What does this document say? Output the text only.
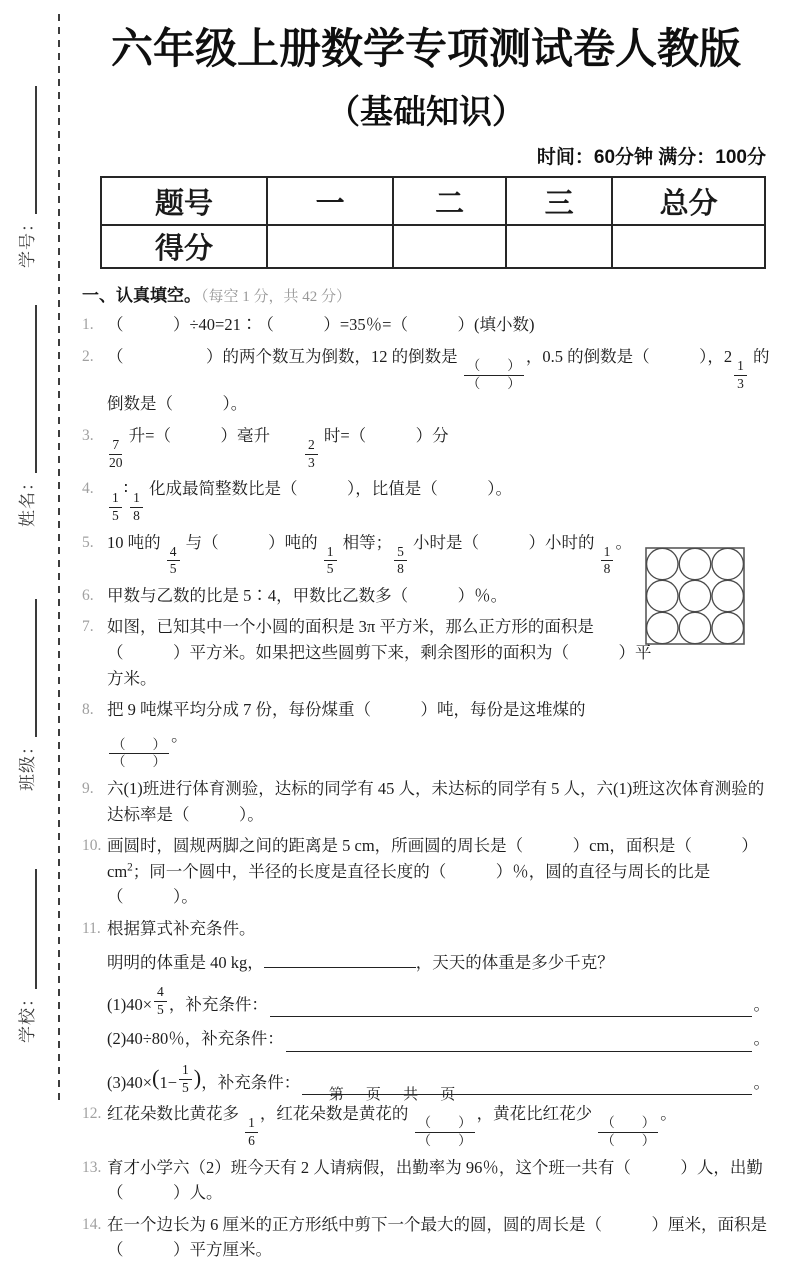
学号：
姓名：
班级：
学校：
六年级上册数学专项测试卷人教版
（基础知识）
时间：60分钟 满分：100分
题号	一	二	三	总分
得分				
一、认真填空。（每空 1 分，共 42 分）
1. （　　　）÷40=21∶（　　　）=35％=（　　　）(填小数)
2. （　　　　　）的两个数互为倒数，12 的倒数是
$\frac{( )}{( )}$
，0.5 的倒数是（　　　），2
$\frac{1}{3}$
的倒数是（　　　）。
3.
$\frac{7}{20}$
升=（　　　）毫升　　
$\frac{2}{3}$
时=（　　　）分
4.
$\frac{1}{5}$
∶
$\frac{1}{8}$
化成最简整数比是（　　　），比值是（　　　）。
5. 10 吨的
$\frac{4}{5}$
与（　　　）吨的
$\frac{1}{5}$
相等；
$\frac{5}{8}$
小时是（　　　）小时的
$\frac{1}{8}$
。
6. 甲数与乙数的比是 5∶4，甲数比乙数多（　　　）％。
7. 如图，已知其中一个小圆的面积是 3π 平方米，那么正方形的面积是（　　　）平方米。如果把这些圆剪下来，剩余图形的面积为（　　　）平方米。
8. 把 9 吨煤平均分成 7 份，每份煤重（　　　）吨，每份是这堆煤的
$\frac{( )}{( )}$
。
9. 六(1)班进行体育测验，达标的同学有 45 人，未达标的同学有 5 人，六(1)班这次体育测验的达标率是（　　　）。
10. 画圆时，圆规两脚之间的距离是 5 cm，所画圆的周长是（　　　）cm，面积是（　　　）$cm^2$；同一个圆中，半径的长度是直径长度的（　　　）％，圆的直径与周长的比是（　　　）。
11. 根据算式补充条件。
明明的体重是 40 kg，	，天天的体重是多少千克？
$(1)40\times \frac{4}{5}$ ，补充条件：	。
(2)40÷80％，补充条件：	。
(3)40× ( $1- \frac{1}{5}$ ) ，补充条件：	。
12. 红花朵数比黄花多
$\frac{1}{6}$
，红花朵数是黄花的
$\frac{( )}{( )}$
，黄花比红花少
$\frac{( )}{( )}$
。
13. 育才小学六（2）班今天有 2 人请病假，出勤率为 96％，这个班一共有（　　　）人，出勤（　　　）人。
14. 在一个边长为 6 厘米的正方形纸中剪下一个最大的圆，圆的周长是（　　　）厘米，面积是（　　　）平方厘米。
第 页 共 页
